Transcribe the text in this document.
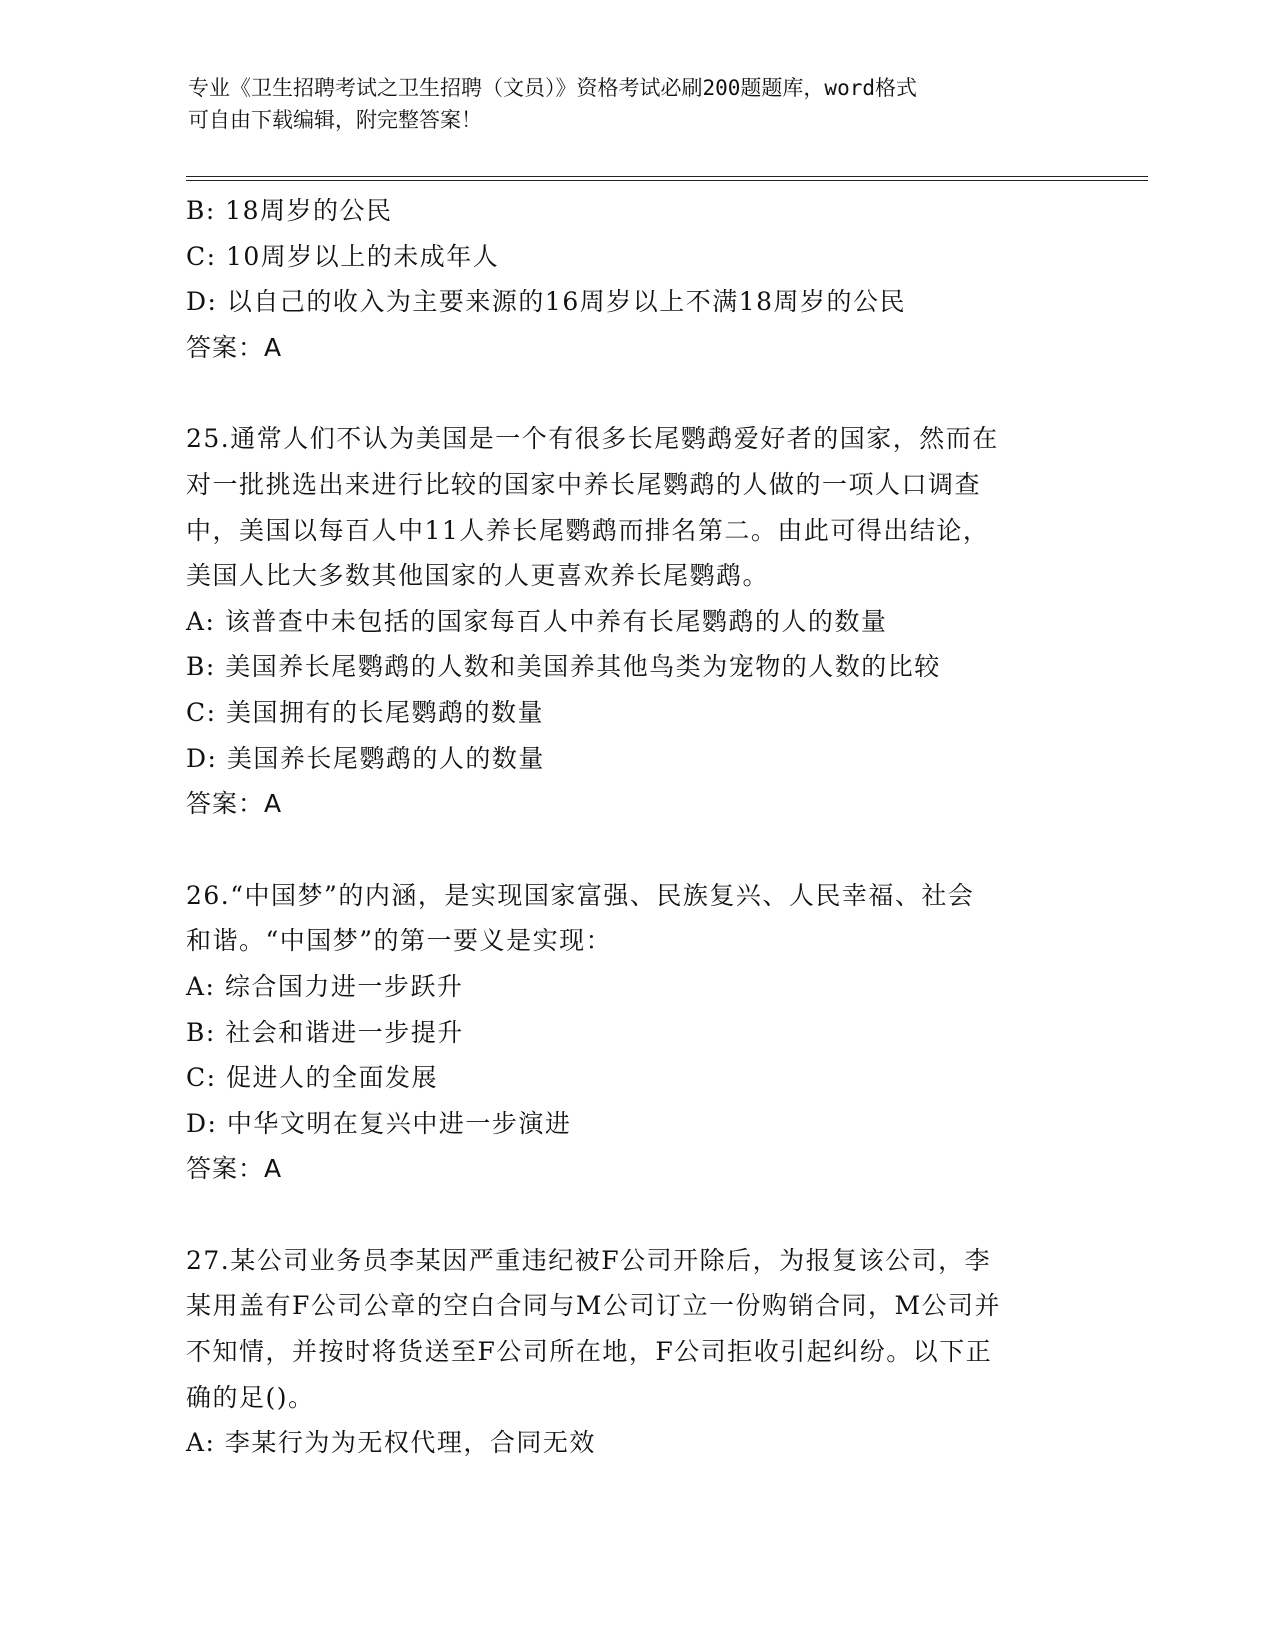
专业《卫生招聘考试之卫生招聘（文员）》资格考试必刷200题题库，word格式
可自由下载编辑，附完整答案！
B: 18周岁的公民
C: 10周岁以上的未成年人
D: 以自己的收入为主要来源的16周岁以上不满18周岁的公民
答案：A
25.通常人们不认为美国是一个有很多长尾鹦鹉爱好者的国家，然而在
对一批挑选出来进行比较的国家中养长尾鹦鹉的人做的一项人口调查
中，美国以每百人中11人养长尾鹦鹉而排名第二。由此可得出结论，
美国人比大多数其他国家的人更喜欢养长尾鹦鹉。
A: 该普查中未包括的国家每百人中养有长尾鹦鹉的人的数量
B: 美国养长尾鹦鹉的人数和美国养其他鸟类为宠物的人数的比较
C: 美国拥有的长尾鹦鹉的数量
D: 美国养长尾鹦鹉的人的数量
答案：A
26.“中国梦”的内涵，是实现国家富强、民族复兴、人民幸福、社会
和谐。“中国梦”的第一要义是实现：
A: 综合国力进一步跃升
B: 社会和谐进一步提升
C: 促进人的全面发展
D: 中华文明在复兴中进一步演进
答案：A
27.某公司业务员李某因严重违纪被F公司开除后，为报复该公司，李
某用盖有F公司公章的空白合同与M公司订立一份购销合同，M公司并
不知情，并按时将货送至F公司所在地，F公司拒收引起纠纷。以下正
确的足()。
A: 李某行为为无权代理，合同无效
